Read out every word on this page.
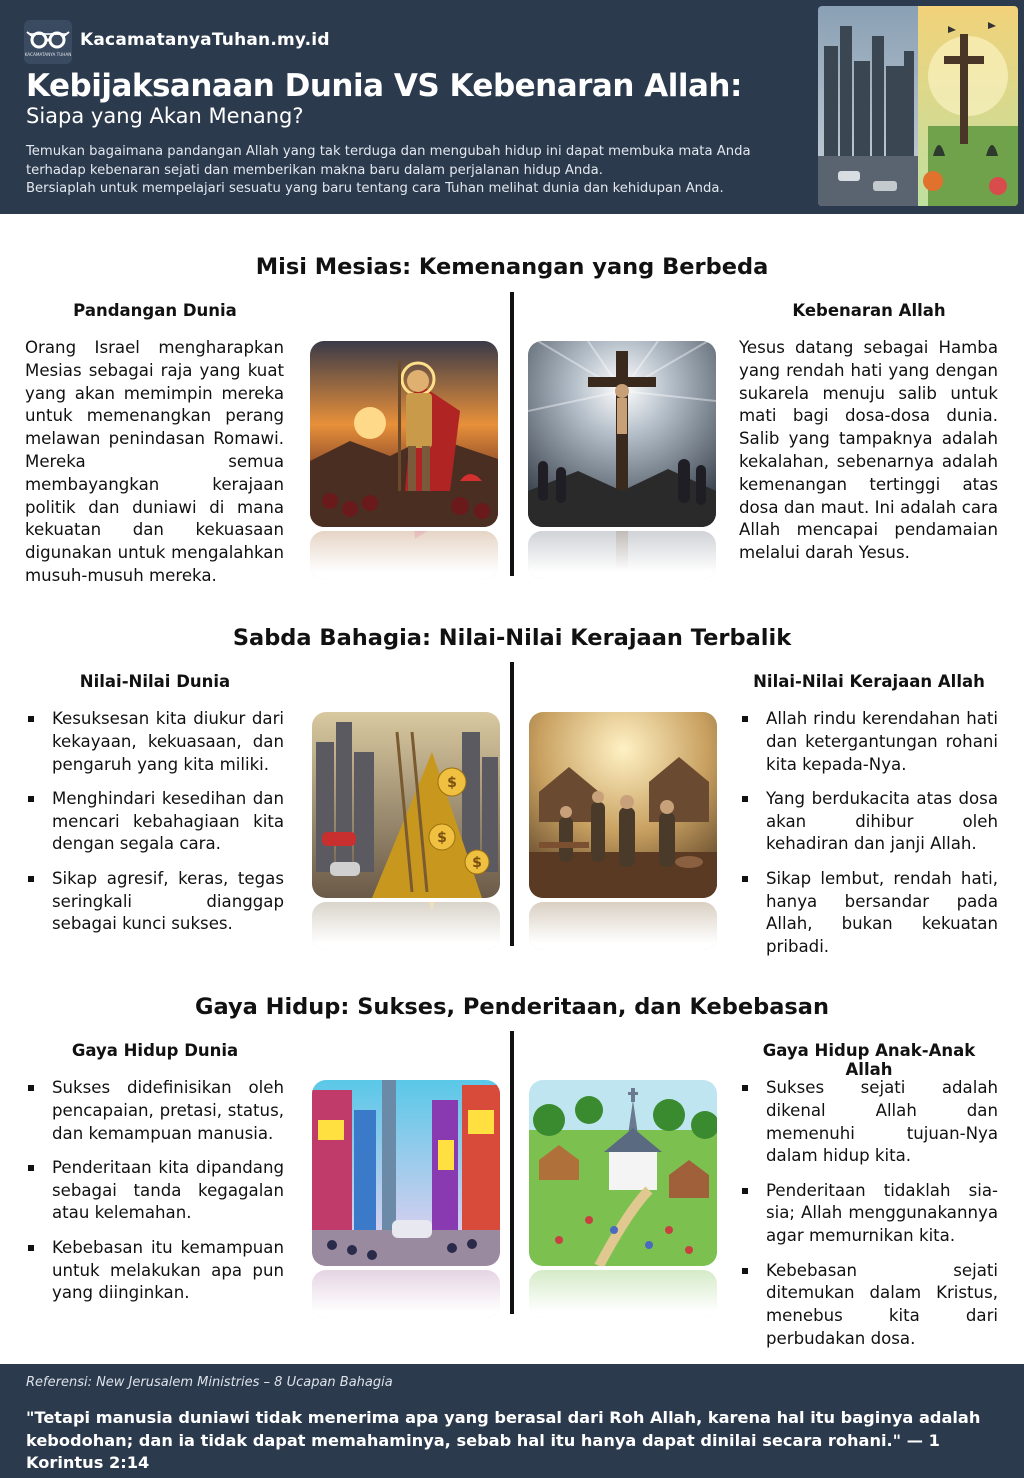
KACAMATANYA TUHAN
KacamatanyaTuhan.my.id
Kebijaksanaan Dunia VS Kebenaran Allah:
Siapa yang Akan Menang?

Temukan bagaimana pandangan Allah yang tak terduga dan mengubah hidup ini dapat membuka mata Anda

terhadap kebenaran sejati dan memberikan makna baru dalam perjalanan hidup Anda.

Bersiaplah untuk mempelajari sesuatu yang baru tentang cara Tuhan melihat dunia dan kehidupan Anda.

Misi Mesias: Kemenangan yang Berbeda
Pandangan Dunia	Kebenaran Allah
Orang Israel mengharapkan Mesias sebagai raja yang kuat yang akan memimpin mereka untuk memenangkan perang melawan penindasan Romawi. Mereka semua membayangkan kerajaan politik dan duniawi di mana kekuatan dan kekuasaan digunakan untuk mengalahkan musuh-musuh mereka.
Yesus datang sebagai Hamba yang rendah hati yang dengan sukarela menuju salib untuk mati bagi dosa-dosa dunia. Salib yang tampaknya adalah kekalahan, sebenarnya adalah kemenangan tertinggi atas dosa dan maut. Ini adalah cara Allah mencapai pendamaian melalui darah Yesus.
Sabda Bahagia: Nilai-Nilai Kerajaan Terbalik
Nilai-Nilai Dunia	Nilai-Nilai Kerajaan Allah
Kesuksesan kita diukur dari kekayaan, kekuasaan, dan pengaruh yang kita miliki.
Menghindari kesedihan dan mencari kebahagiaan kita dengan segala cara.
Sikap agresif, keras, tegas seringkali dianggap sebagai kunci sukses.
Allah rindu kerendahan hati dan ketergantungan rohani kita kepada-Nya.
Yang berdukacita atas dosa akan dihibur oleh kehadiran dan janji Allah.
Sikap lembut, rendah hati, hanya bersandar pada Allah, bukan kekuatan pribadi.
$
$
$
Gaya Hidup: Sukses, Penderitaan, dan Kebebasan
Gaya Hidup Dunia	Gaya Hidup Anak-Anak Allah
Sukses didefinisikan oleh pencapaian, pretasi, status, dan kemampuan manusia.
Penderitaan kita dipandang sebagai tanda kegagalan atau kelemahan.
Kebebasan itu kemampuan untuk melakukan apa pun yang diinginkan.
Sukses sejati adalah dikenal Allah dan memenuhi tujuan-Nya dalam hidup kita.
Penderitaan tidaklah sia-sia; Allah menggunakannya agar memurnikan kita.
Kebebasan sejati ditemukan dalam Kristus, menebus kita dari perbudakan dosa.
Referensi: New Jerusalem Ministries – 8 Ucapan Bahagia
"Tetapi manusia duniawi tidak menerima apa yang berasal dari Roh Allah, karena hal itu baginya adalah kebodohan; dan ia tidak dapat memahaminya, sebab hal itu hanya dapat dinilai secara rohani." — 1 Korintus 2:14
